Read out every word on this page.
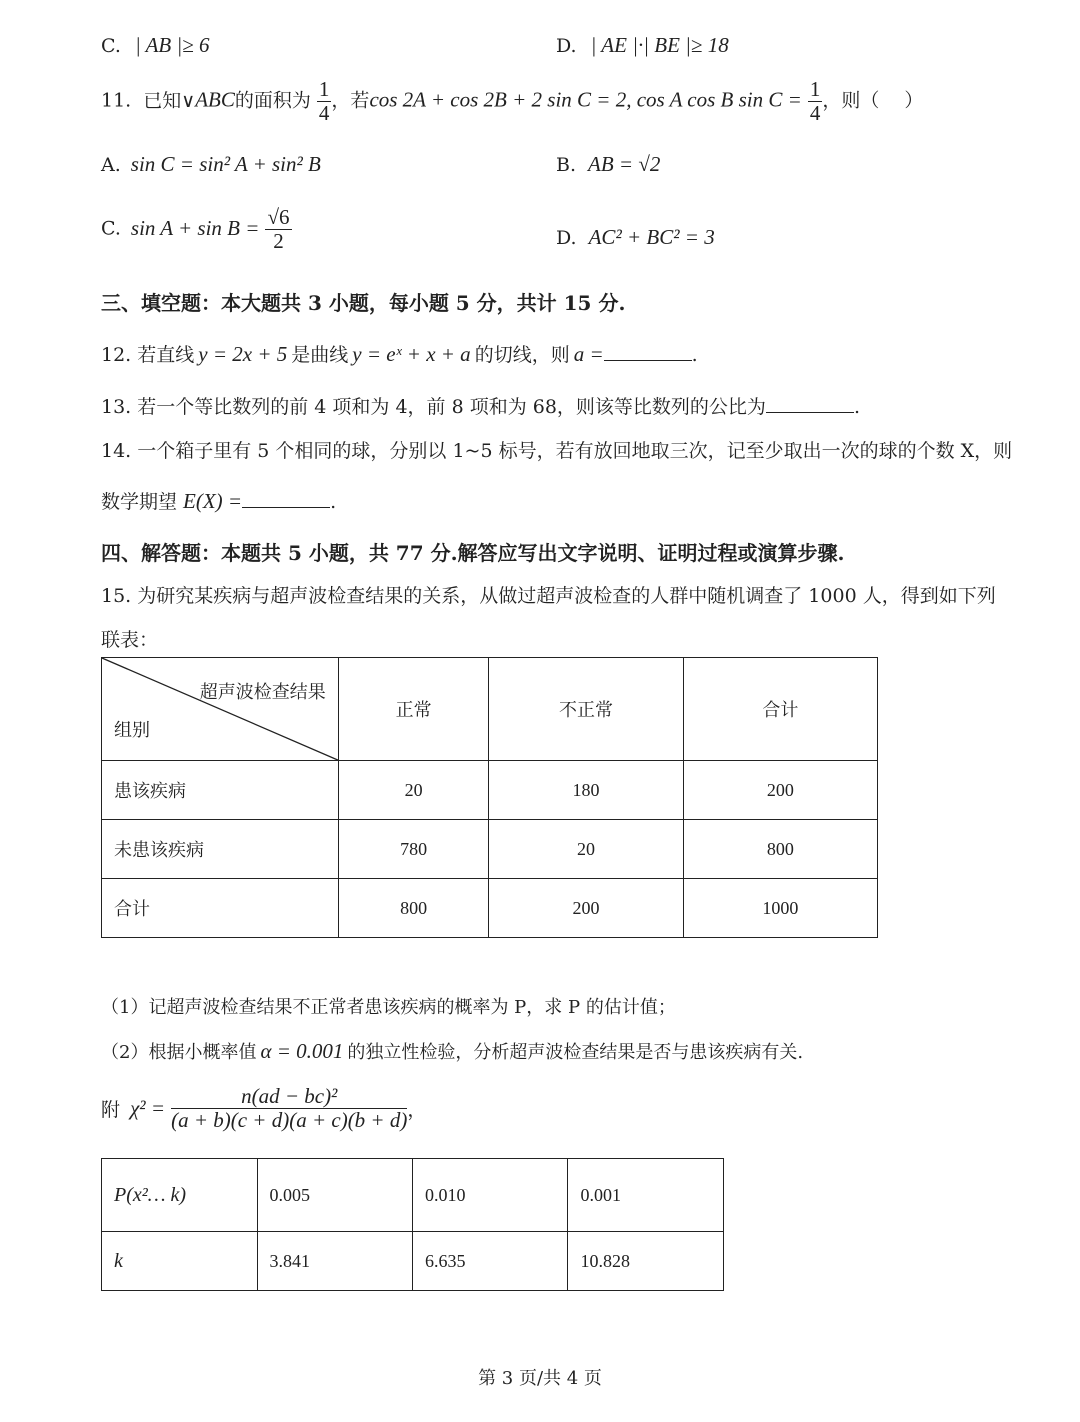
C. | AB |≥ 6	D. | AE |·| BE |≥ 18
11. 已知∨ABC的面积为 $\frac{1}{4}$ ，若cos 2A + cos 2B + 2 sin C = 2, cos A cos B $\sin C = \frac{1}{4}$ ，则（　 ）
A. sin C = sin² A + sin² B	B. AB = √2
C. $\sin A + \sin B = \frac{√6}{2}$	D. AC² + BC² = 3
三、填空题：本大题共 3 小题，每小题 5 分，共计 15 分.
12. 若直线 y = 2x + 5 是曲线 y = eˣ + x + a 的切线，则 a =	.
13. 若一个等比数列的前 4 项和为 4，前 8 项和为 68，则该等比数列的公比为	.
14. 一个箱子里有 5 个相同的球，分别以 1~5 标号，若有放回地取三次，记至少取出一次的球的个数 X，则
数学期望 E(X) =	.
四、解答题：本题共 5 小题，共 77 分.解答应写出文字说明、证明过程或演算步骤.
15. 为研究某疾病与超声波检查结果的关系，从做过超声波检查的人群中随机调查了 1000 人，得到如下列
联表：
超声波检查结果
组别	正常	不正常	合计
患该疾病	20	180	200
未患该疾病	780	20	800
合计	800	200	1000
（1）记超声波检查结果不正常者患该疾病的概率为 P，求 P 的估计值；
（2）根据小概率值 α = 0.001 的独立性检验，分析超声波检查结果是否与患该疾病有关.
附 $\chi^2 = \frac{\text{n(ad − bc)²}}{(a + b)(c + d)(a + c)(b + d)}$ ，
P(x²… k)	0.005	0.010	0.001
k	3.841	6.635	10.828
第 3 页/共 4 页
